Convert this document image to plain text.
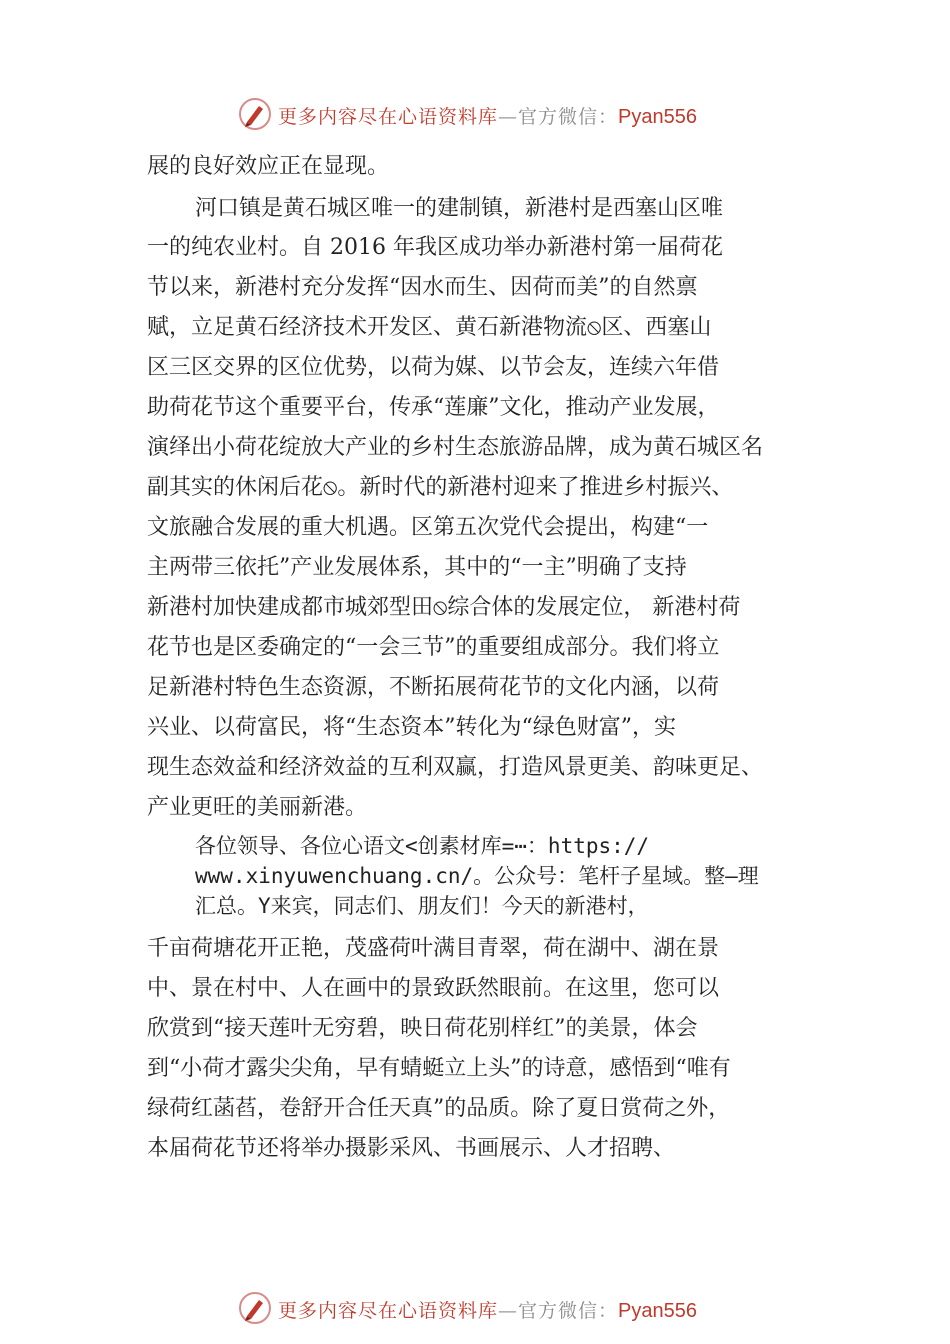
更多内容尽在心语资料库—官方微信：Pyan556
展的良好效应正在显现。
河口镇是黄石城区唯一的建制镇，新港村是西塞山区唯
一的纯农业村。自 2016 年我区成功举办新港村第一届荷花
节以来，新港村充分发挥“因水而生、因荷而美”的自然禀
赋，立足黄石经济技术开发区、黄石新港物流⦸区、西塞山
区三区交界的区位优势，以荷为媒、以节会友，连续六年借
助荷花节这个重要平台，传承“莲廉”文化，推动产业发展，
演绎出小荷花绽放大产业的乡村生态旅游品牌，成为黄石城区名
副其实的休闲后花⦸。新时代的新港村迎来了推进乡村振兴、
文旅融合发展的重大机遇。区第五次党代会提出，构建“一
主两带三依托”产业发展体系，其中的“一主”明确了支持
新港村加快建成都市城郊型田⦸综合体的发展定位， 新港村荷
花节也是区委确定的“一会三节”的重要组成部分。我们将立
足新港村特色生态资源，不断拓展荷花节的文化内涵，以荷
兴业、以荷富民，将“生态资本”转化为“绿色财富”，实
现生态效益和经济效益的互利双赢，打造风景更美、韵味更足、
产业更旺的美丽新港。
各位领导、各位心语文<创素材库=⋯：https://
www.xinyuwenchuang.cn/。公众号：笔杆子星域。整—理
汇总。Y来宾，同志们、朋友们！今天的新港村，
千亩荷塘花开正艳，茂盛荷叶满目青翠，荷在湖中、湖在景
中、景在村中、人在画中的景致跃然眼前。在这里，您可以
欣赏到“接天莲叶无穷碧，映日荷花别样红”的美景，体会
到“小荷才露尖尖角，早有蜻蜓立上头”的诗意，感悟到“唯有
绿荷红菡萏，卷舒开合任天真”的品质。除了夏日赏荷之外，
本届荷花节还将举办摄影采风、书画展示、人才招聘、
更多内容尽在心语资料库—官方微信：Pyan556
